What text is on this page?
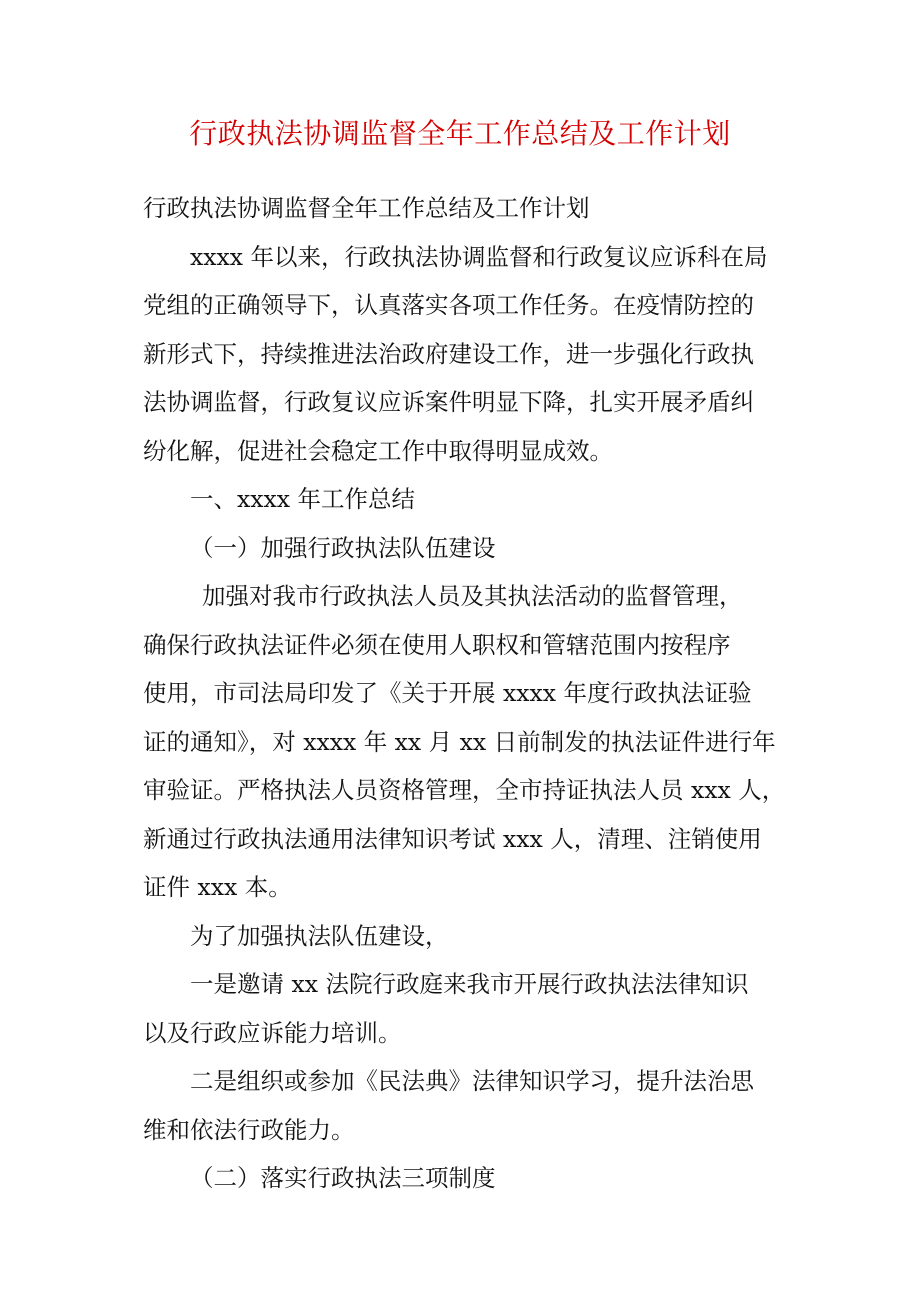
行政执法协调监督全年工作总结及工作计划
行政执法协调监督全年工作总结及工作计划
xxxx 年以来，行政执法协调监督和行政复议应诉科在局
党组的正确领导下，认真落实各项工作任务。在疫情防控的
新形式下，持续推进法治政府建设工作，进一步强化行政执
法协调监督，行政复议应诉案件明显下降，扎实开展矛盾纠
纷化解，促进社会稳定工作中取得明显成效。
一、xxxx 年工作总结
（一）加强行政执法队伍建设
加强对我市行政执法人员及其执法活动的监督管理，
确保行政执法证件必须在使用人职权和管辖范围内按程序
使用，市司法局印发了《关于开展 xxxx 年度行政执法证验
证的通知》，对 xxxx 年 xx 月 xx 日前制发的执法证件进行年
审验证。严格执法人员资格管理，全市持证执法人员 xxx 人，
新通过行政执法通用法律知识考试 xxx 人，清理、注销使用
证件 xxx 本。
为了加强执法队伍建设，
一是邀请 xx 法院行政庭来我市开展行政执法法律知识
以及行政应诉能力培训。
二是组织或参加《民法典》法律知识学习，提升法治思
维和依法行政能力。
（二）落实行政执法三项制度
